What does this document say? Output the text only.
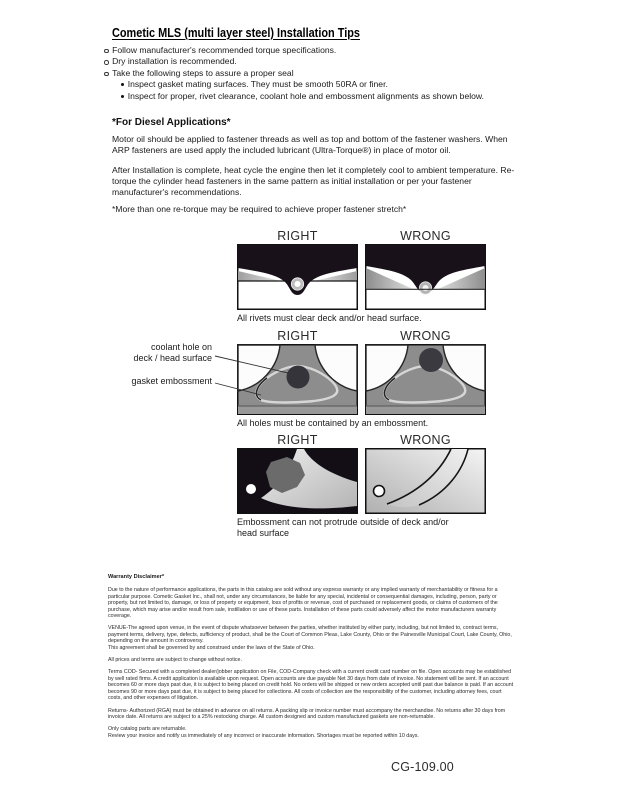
Cometic MLS (multi layer steel) Installation Tips
Follow manufacturer's recommended torque specifications.
Dry installation is recommended.
Take the following steps to assure a proper seal
Inspect gasket mating surfaces. They must be smooth 50RA or finer.
Inspect for proper, rivet clearance, coolant hole and embossment alignments as shown below.
*For Diesel Applications*
Motor oil should be applied to fastener threads as well as top and bottom of the fastener washers. When ARP fasteners are used apply the included lubricant (Ultra-Torque®) in place of motor oil.
After Installation is complete, heat cycle the engine then let it completely cool to ambient temperature. Re-torque the cylinder head fasteners in the same pattern as initial installation or per your fastener manufacturer's recommendations.
*More than one re-torque may be required to achieve proper fastener stretch*
RIGHT	WRONG
All rivets must clear deck and/or head surface.
RIGHT	WRONG
All holes must be contained by an embossment.
coolant hole on
deck / head surface
gasket embossment
RIGHT	WRONG
Embossment can not protrude outside of deck and/or head surface
Warranty Disclaimer*
Due to the nature of performance applications, the parts in this catalog are sold without any express warranty or any implied warranty of merchantability or fitness for a particular purpose. Cometic Gasket Inc., shall not, under any circumstances, be liable for any special, incidental or consequential damages, including, person, party or property, but not limited to, damage, or loss of property or equipment, loss of profits or revenue, cost of purchased or replacement goods, or claims of customers of the purchase, which may arise and/or result from sale, instillation or use of these parts. Installation of these parts could adversely affect the motor manufacturers warranty coverage.
VENUE-The agreed upon venue, in the event of dispute whatsoever between the parties, whether instituted by either party, including, but not limited to, contract terms, payment terms, delivery, type, defects, sufficiency of product, shall be the Court of Common Pleas, Lake County, Ohio or the Painesville Municipal Court, Lake County, Ohio, depending on the amount in controversy.
This agreement shall be governed by and construed under the laws of the State of Ohio.
All prices and terms are subject to change without notice.
Terms COD- Secured with a completed dealer/jobber application on File, COD-Company check with a current credit card number on file. Open accounts may be established by well rated firms. A credit application is available upon request. Open accounts are due payable Net 30 days from date of invoice. No statement will be sent. If an account becomes 60 or more days past due, it is subject to being placed on credit hold. No orders will be shipped or new orders accepted until past due balance is paid. If an account becomes 90 or more days past due, it is subject to being placed for collections. All costs of collection are the responsibility of the customer, including attorney fees, court costs, and other expenses of litigation.
Returns- Authorized (RGA) must be obtained in advance on all returns. A packing slip or invoice number must accompany the merchandise. No returns after 30 days from invoice date. All returns are subject to a 25% restocking charge. All custom designed and custom manufactured gaskets are non-returnable.
Only catalog parts are returnable.
Review your invoice and notify us immediately of any incorrect or inaccurate information. Shortages must be reported within 10 days.
CG-109.00
